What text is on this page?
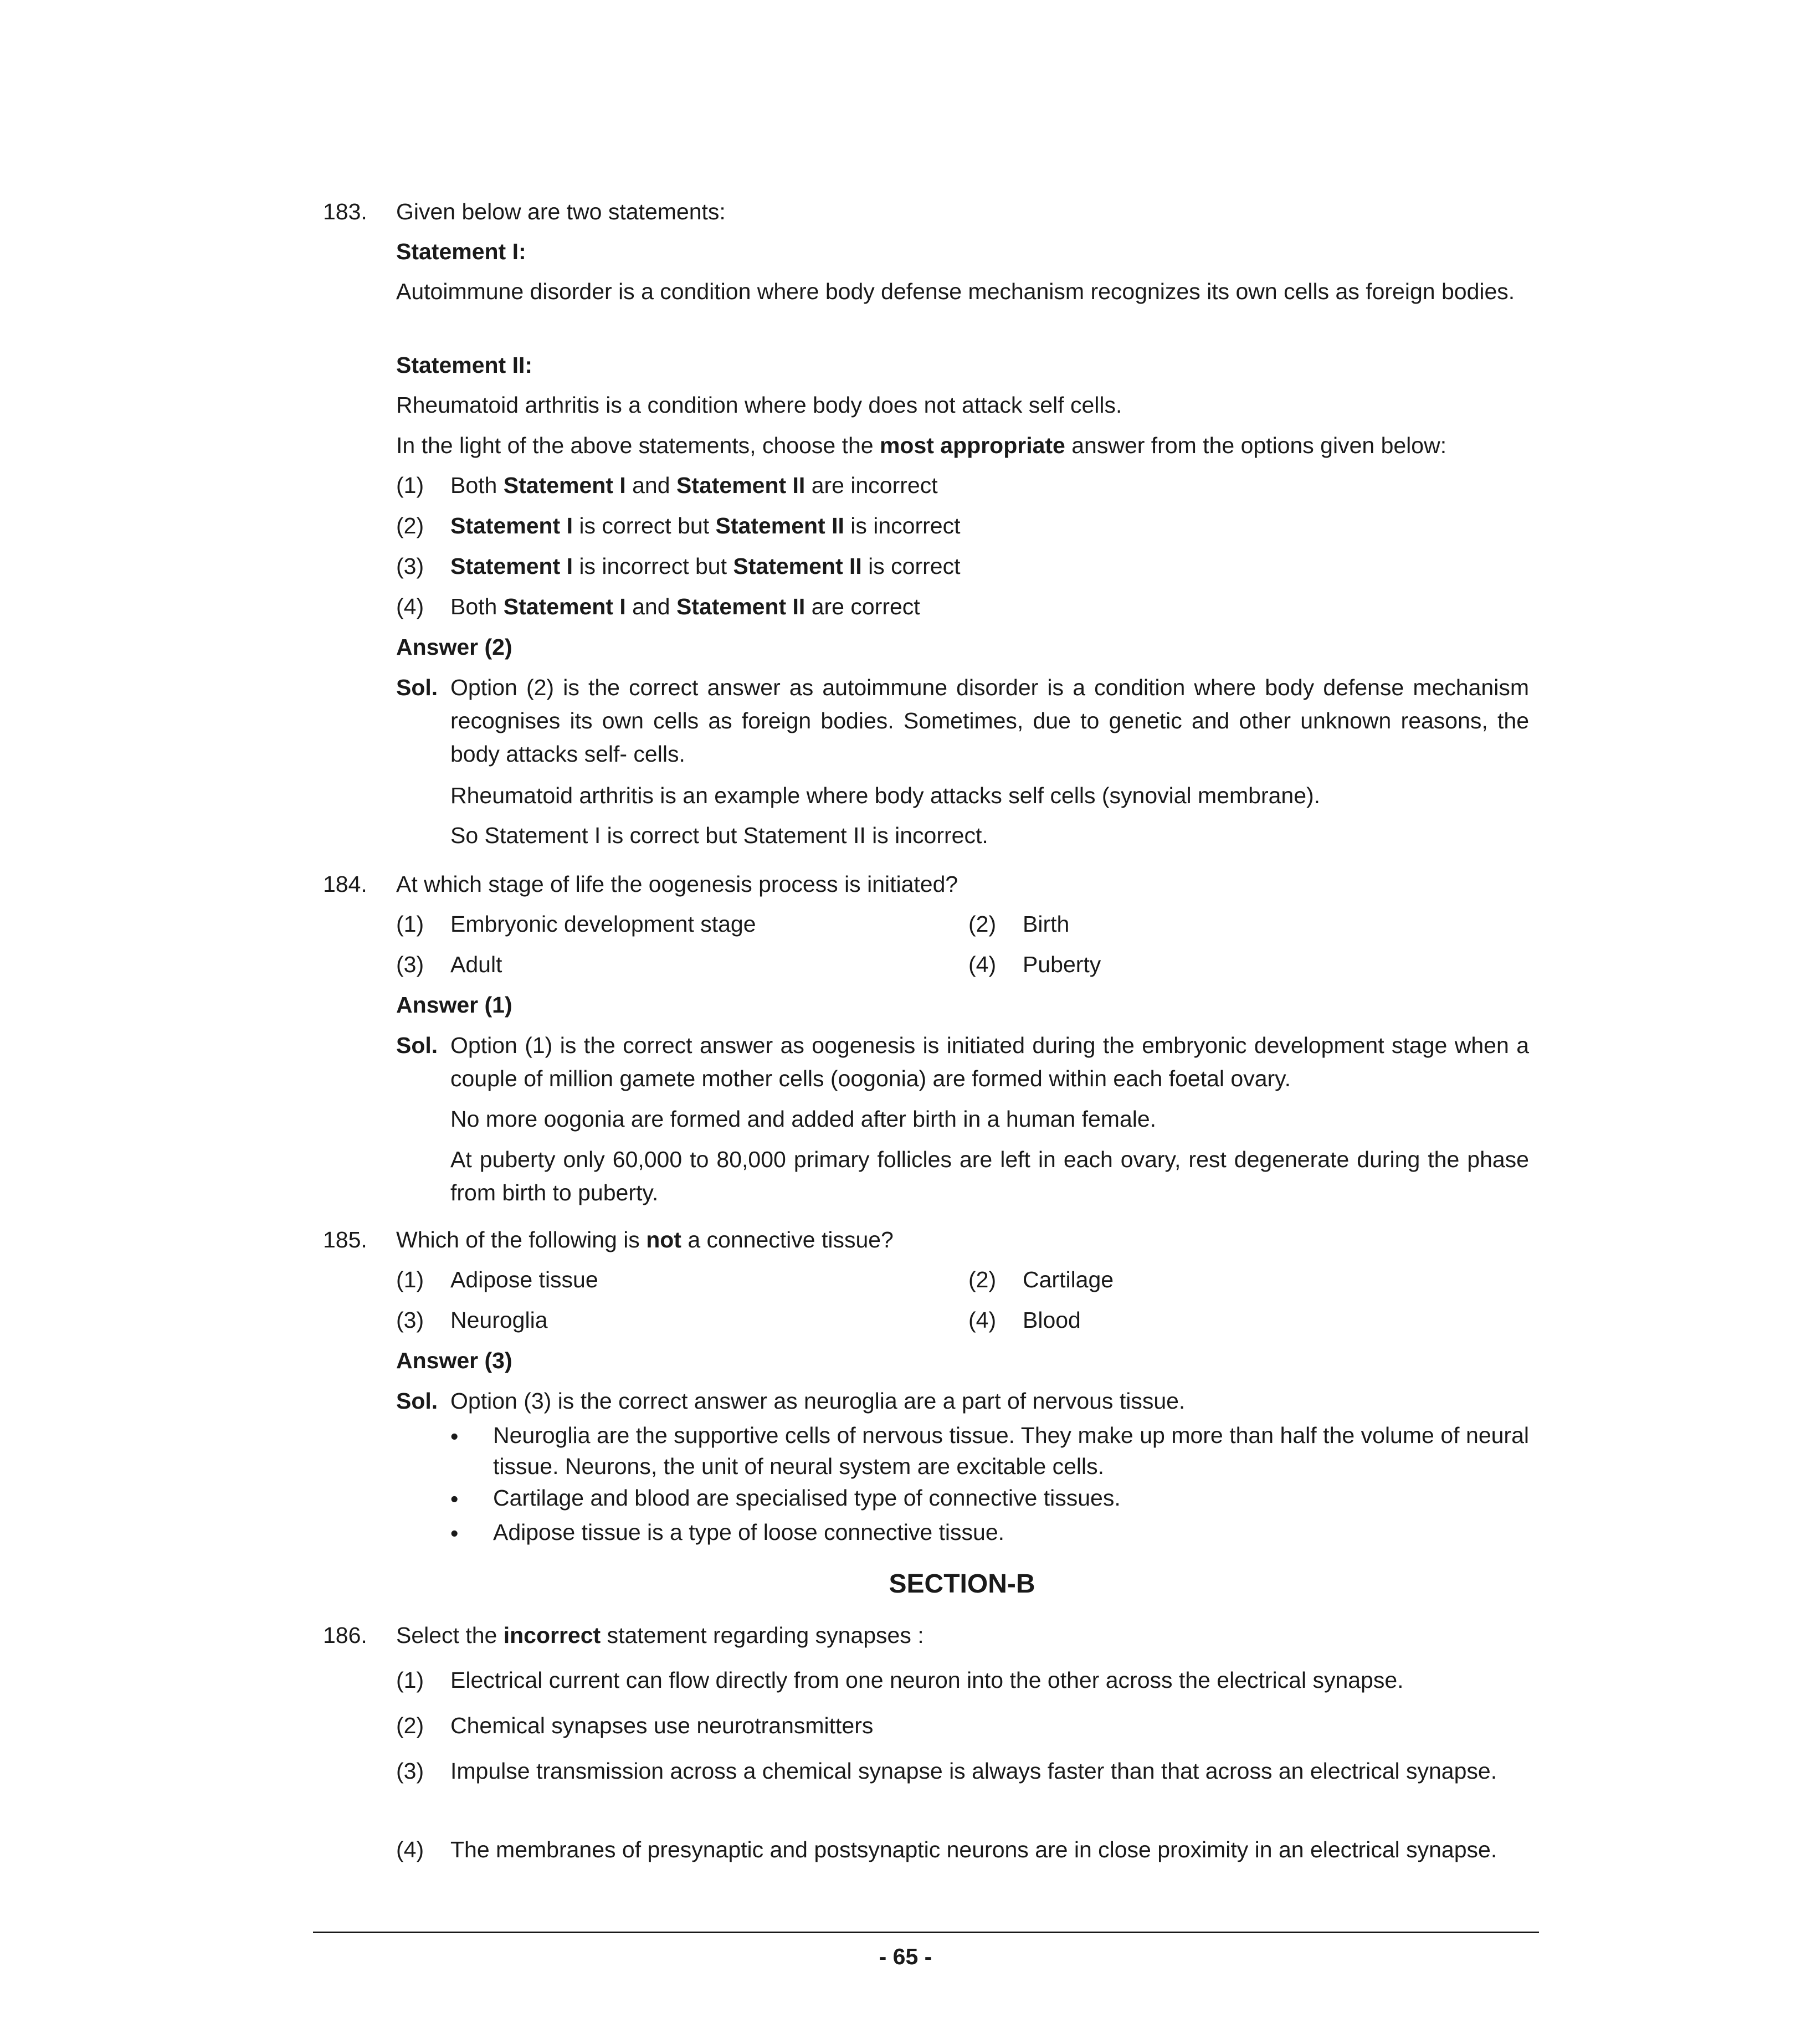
183. Given below are two statements:
Statement I:
Autoimmune disorder is a condition where body defense mechanism recognizes its own cells as foreign bodies.
Statement II:
Rheumatoid arthritis is a condition where body does not attack self cells.
In the light of the above statements, choose the most appropriate answer from the options given below:
(1) Both Statement I and Statement II are incorrect
(2) Statement I is correct but Statement II is incorrect
(3) Statement I is incorrect but Statement II is correct
(4) Both Statement I and Statement II are correct
Answer (2)
Sol. Option (2) is the correct answer as autoimmune disorder is a condition where body defense mechanism recognises its own cells as foreign bodies. Sometimes, due to genetic and other unknown reasons, the body attacks self- cells.
Rheumatoid arthritis is an example where body attacks self cells (synovial membrane).
So Statement I is correct but Statement II is incorrect.
184. At which stage of life the oogenesis process is initiated?
(1) Embryonic development stage	(2) Birth
(3) Adult	(4) Puberty
Answer (1)
Sol. Option (1) is the correct answer as oogenesis is initiated during the embryonic development stage when a couple of million gamete mother cells (oogonia) are formed within each foetal ovary.
No more oogonia are formed and added after birth in a human female.
At puberty only 60,000 to 80,000 primary follicles are left in each ovary, rest degenerate during the phase from birth to puberty.
185. Which of the following is not a connective tissue?
(1) Adipose tissue	(2) Cartilage
(3) Neuroglia	(4) Blood
Answer (3)
Sol. Option (3) is the correct answer as neuroglia are a part of nervous tissue.
• Neuroglia are the supportive cells of nervous tissue. They make up more than half the volume of neural tissue. Neurons, the unit of neural system are excitable cells.
• Cartilage and blood are specialised type of connective tissues.
• Adipose tissue is a type of loose connective tissue.
SECTION-B
186. Select the incorrect statement regarding synapses :
(1) Electrical current can flow directly from one neuron into the other across the electrical synapse.
(2) Chemical synapses use neurotransmitters
(3) Impulse transmission across a chemical synapse is always faster than that across an electrical synapse.
(4) The membranes of presynaptic and postsynaptic neurons are in close proximity in an electrical synapse.
- 65 -
